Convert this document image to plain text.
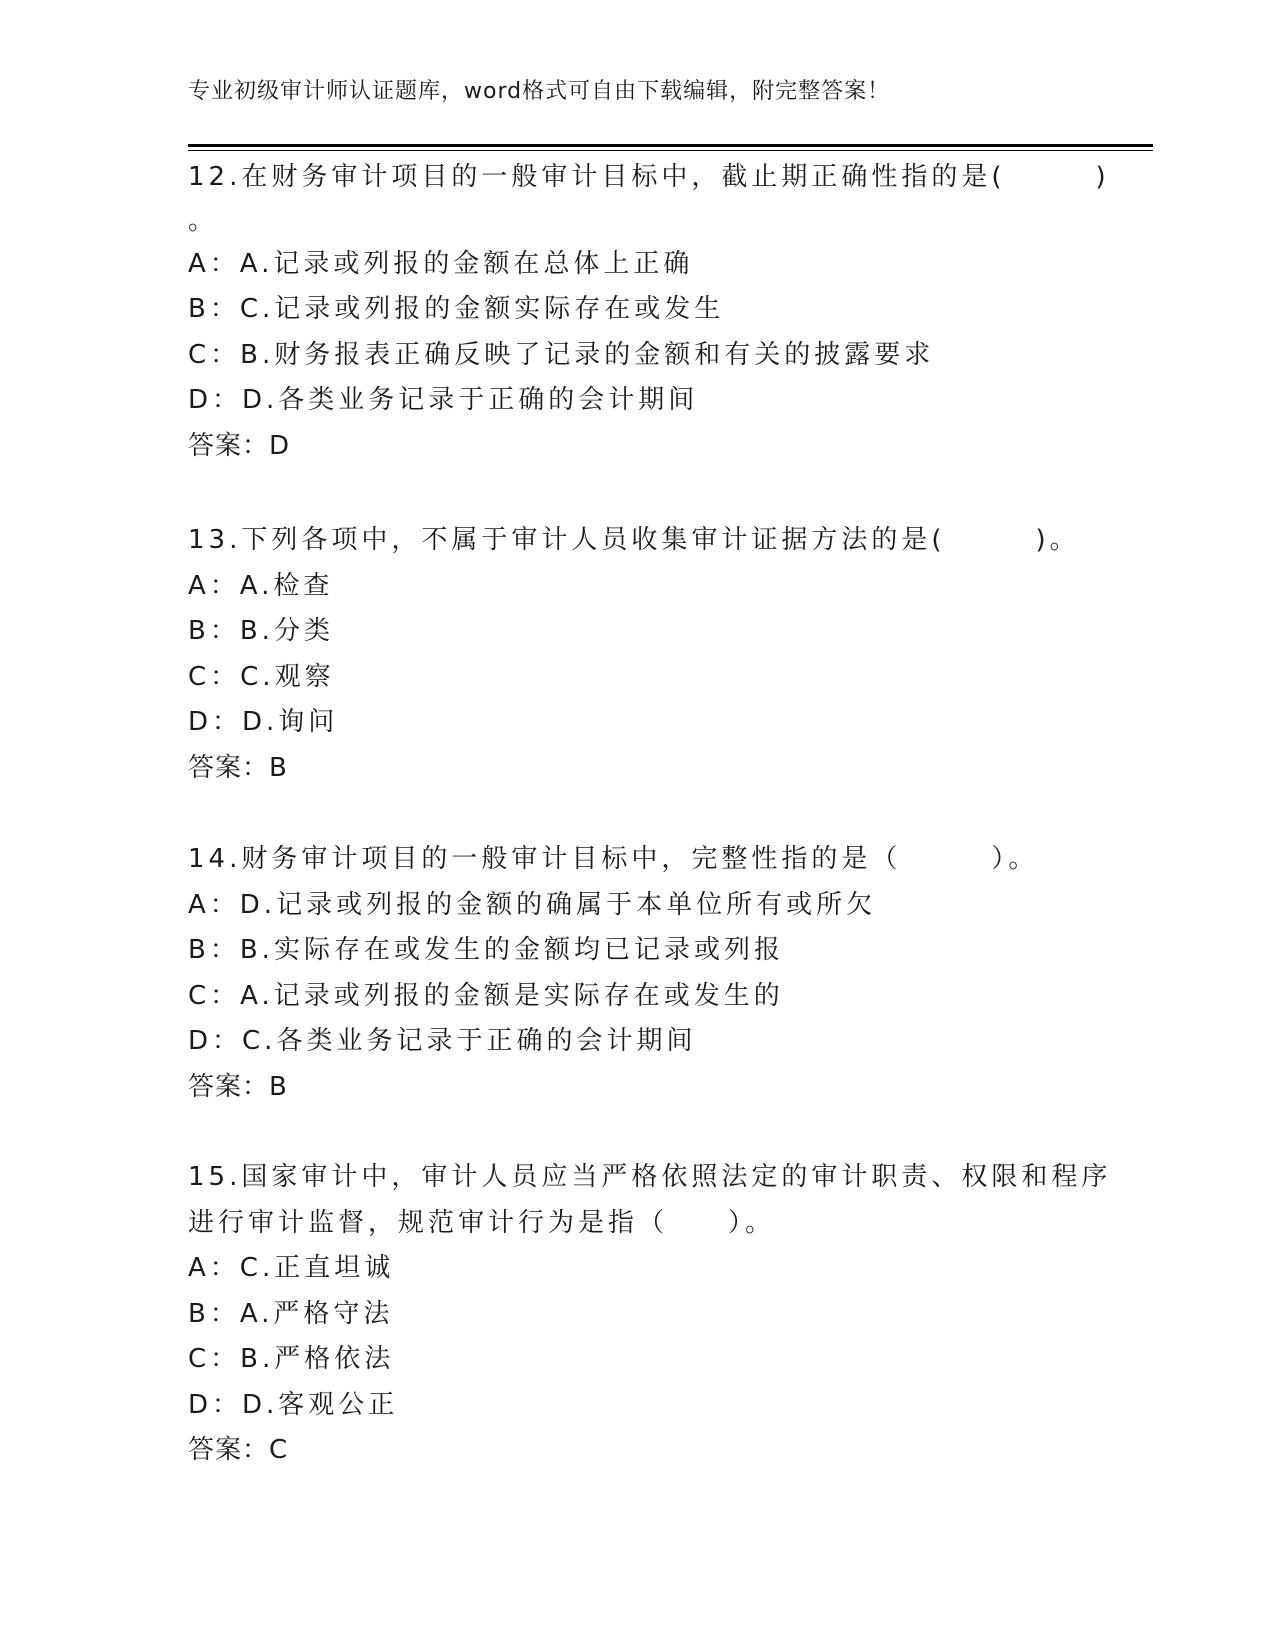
专业初级审计师认证题库，word格式可自由下载编辑，附完整答案！
12.在财务审计项目的一般审计目标中，截止期正确性指的是(　　　)
。
A：A.记录或列报的金额在总体上正确
B：C.记录或列报的金额实际存在或发生
C：B.财务报表正确反映了记录的金额和有关的披露要求
D：D.各类业务记录于正确的会计期间
答案：D
13.下列各项中，不属于审计人员收集审计证据方法的是(　　　)。
A：A.检查
B：B.分类
C：C.观察
D：D.询问
答案：B
14.财务审计项目的一般审计目标中，完整性指的是（　　　）。
A：D.记录或列报的金额的确属于本单位所有或所欠
B：B.实际存在或发生的金额均已记录或列报
C：A.记录或列报的金额是实际存在或发生的
D：C.各类业务记录于正确的会计期间
答案：B
15.国家审计中，审计人员应当严格依照法定的审计职责、权限和程序
进行审计监督，规范审计行为是指（　　）。
A：C.正直坦诚
B：A.严格守法
C：B.严格依法
D：D.客观公正
答案：C
